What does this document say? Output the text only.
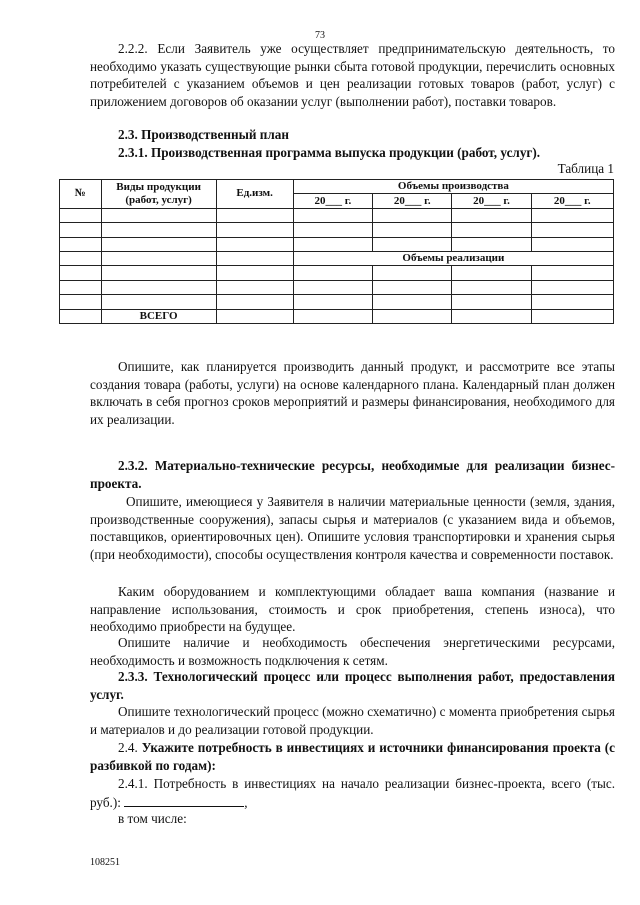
73

2.2.2. Если Заявитель уже осуществляет предпринимательскую деятельность, то необходимо указать существующие рынки сбыта готовой продукции, перечислить основных потребителей с указанием объемов и цен реализации готовых товаров (работ, услуг) с приложением договоров об оказании услуг (выполнении работ), поставки товаров.

2.3. Производственный план

2.3.1. Производственная программа выпуска продукции (работ, услуг).

Таблица 1
№	Виды продукции (работ, услуг)	Ед.изм.	Объемы производства			
			20___ г.	20___ г.	20___ г.	20___ г.

			Объемы реализации			

	ВСЕГО					

Опишите, как планируется производить данный продукт, и рассмотрите все этапы создания товара (работы, услуги) на основе календарного плана. Календарный план должен включать в себя прогноз сроков мероприятий и размеры финансирования, необходимого для их реализации.

2.3.2. Материально-технические ресурсы, необходимые для реализации бизнес-проекта.

Опишите, имеющиеся у Заявителя в наличии материальные ценности (земля, здания, производственные сооружения), запасы сырья и материалов (с указанием вида и объемов, поставщиков, ориентировочных цен). Опишите условия транспортировки и хранения сырья (при необходимости), способы осуществления контроля качества и современности поставок.

Каким оборудованием и комплектующими обладает ваша компания (название и направление использования, стоимость и срок приобретения, степень износа), что необходимо приобрести на будущее.

Опишите наличие и необходимость обеспечения энергетическими ресурсами, необходимость и возможность подключения к сетям.

2.3.3. Технологический процесс или процесс выполнения работ, предоставления услуг.

Опишите технологический процесс (можно схематично) с момента приобретения сырья и материалов и до реализации готовой продукции.

2.4. Укажите потребность в инвестициях и источники финансирования проекта (с разбивкой по годам):

2.4.1. Потребность в инвестициях на начало реализации бизнес-проекта, всего (тыс. руб.):	,

в том числе:

108251
